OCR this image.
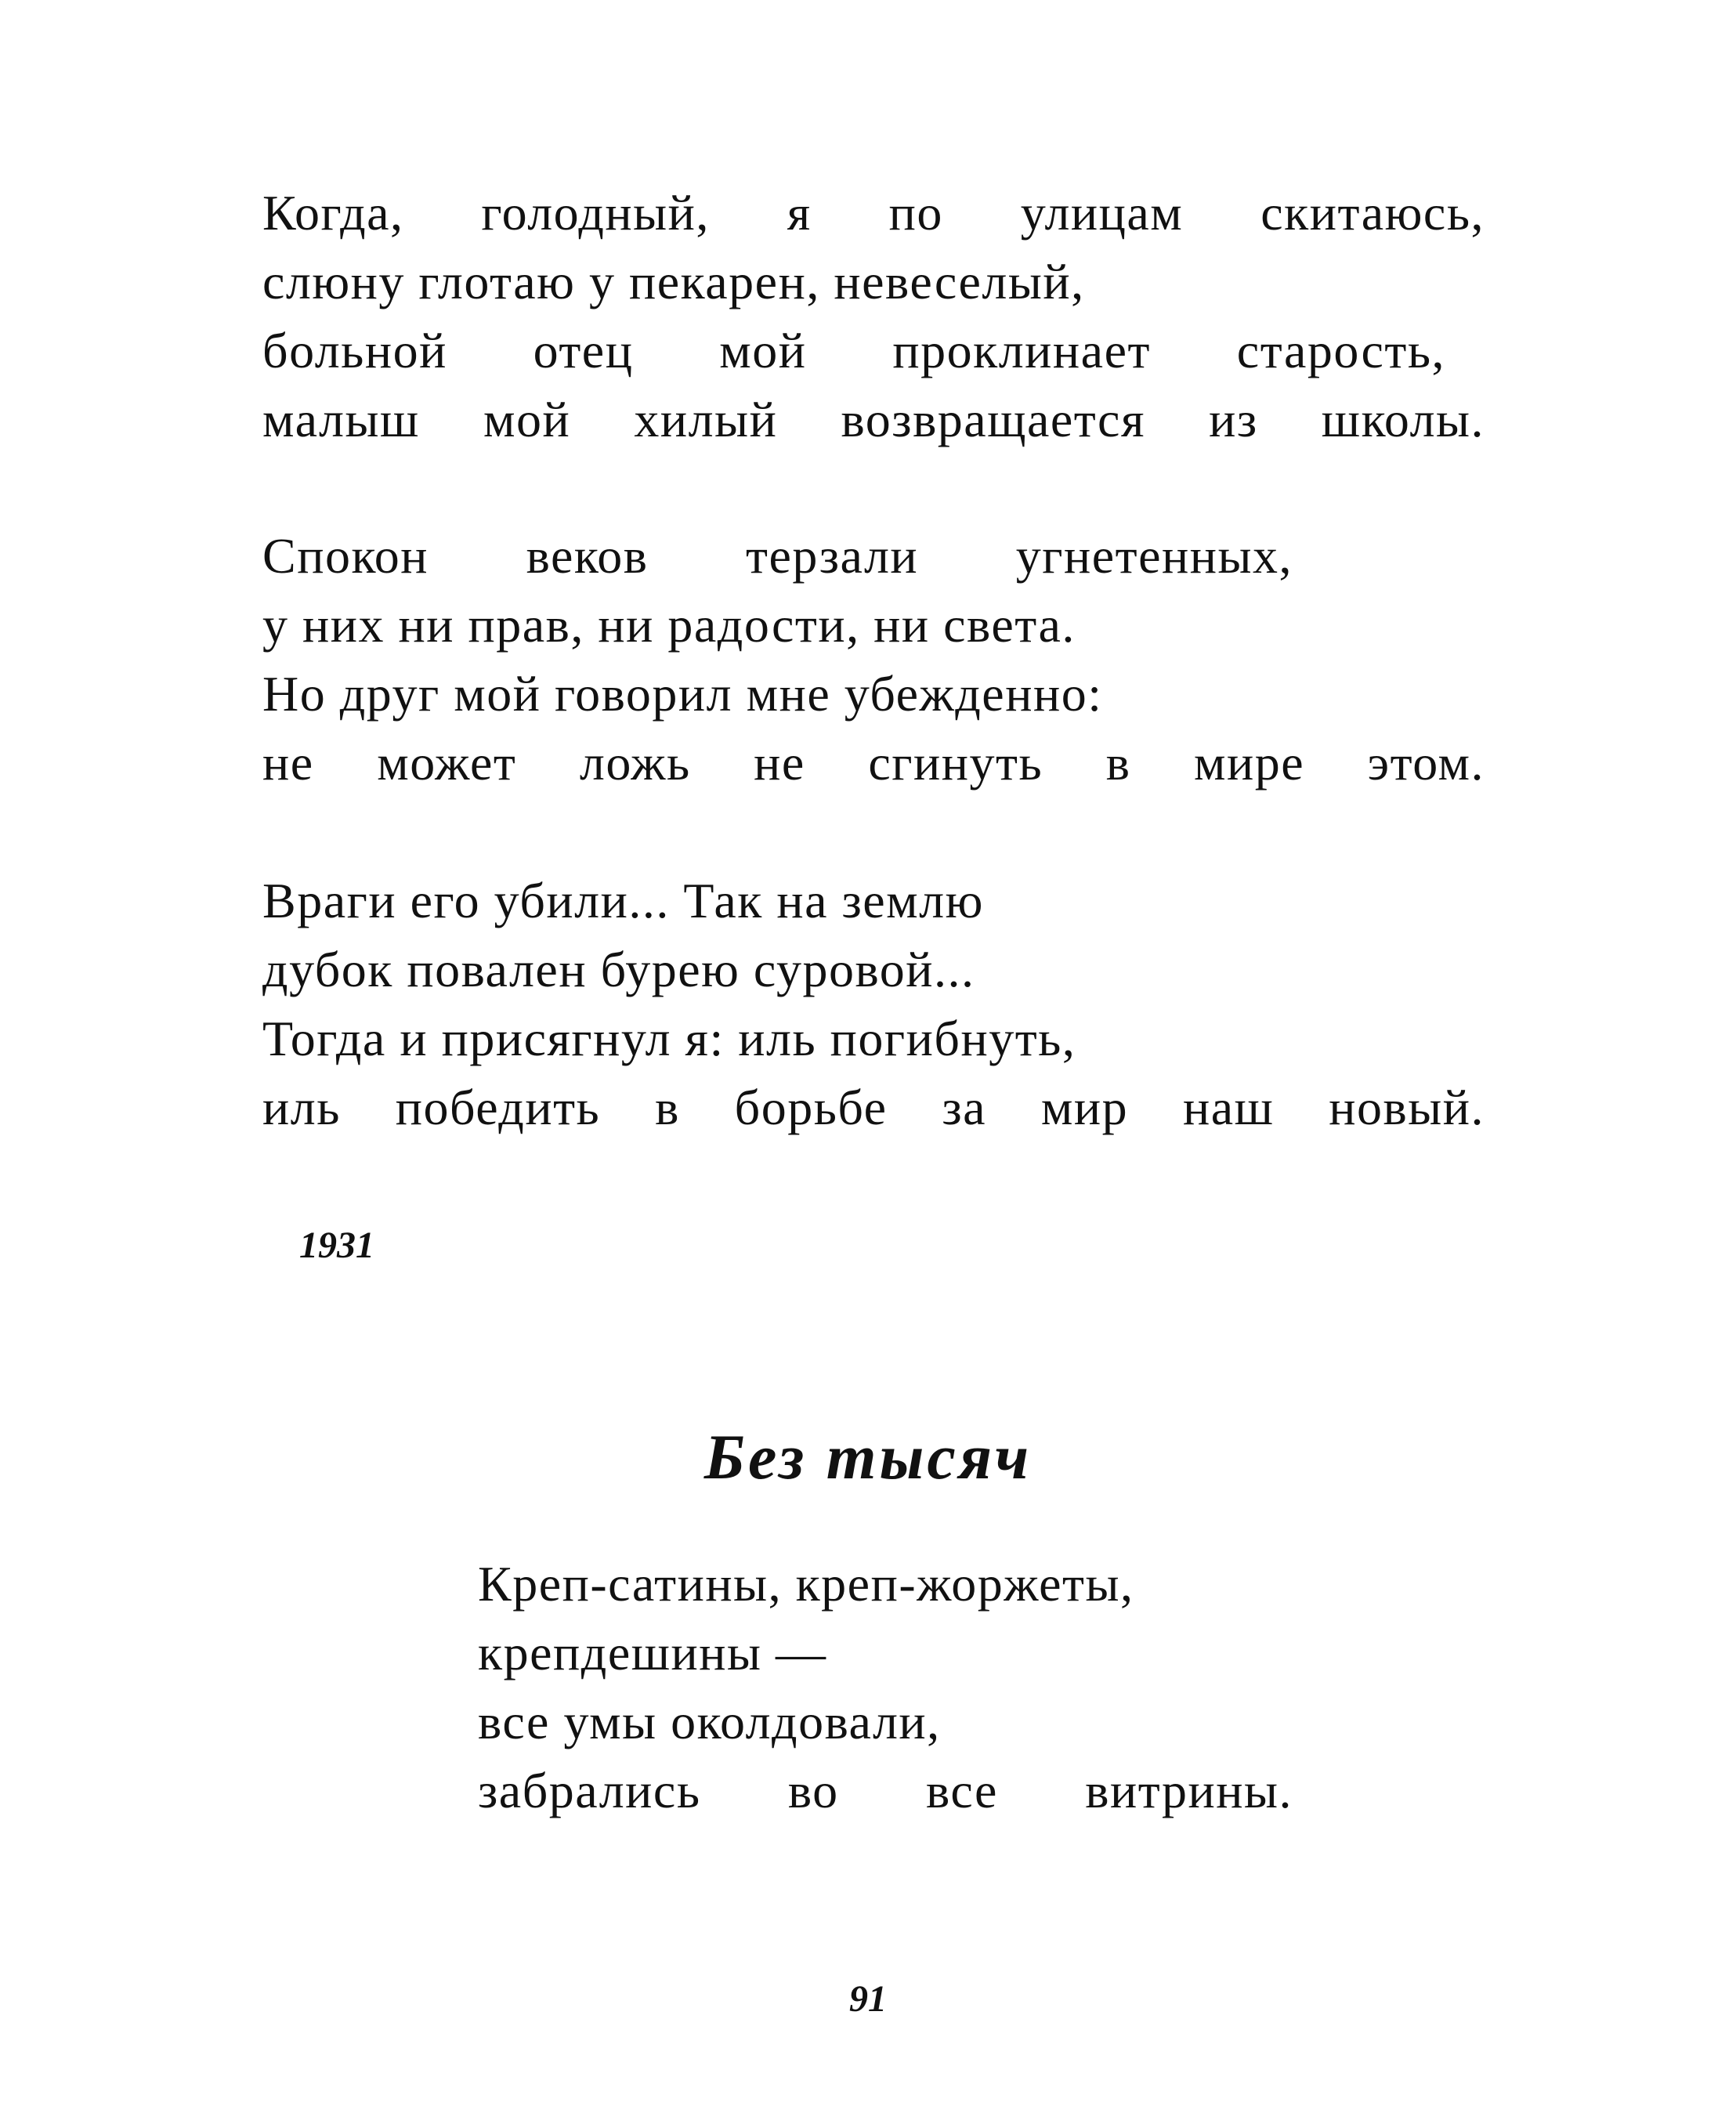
Когда, голодный, я по улицам скитаюсь,
слюну глотаю у пекарен, невеселый,
больной отец мой проклинает старость,
малыш мой хилый возвращается из школы.
Спокон веков терзали угнетенных,
у них ни прав, ни радости, ни света.
Но друг мой говорил мне убежденно:
не может ложь не сгинуть в мире этом.
Враги его убили... Так на землю
дубок повален бурею суровой...
Тогда и присягнул я: иль погибнуть,
иль победить в борьбе за мир наш новый.
1931
Без тысяч
Креп-сатины, креп-жоржеты,
крепдешины —
все умы околдовали,
забрались во все витрины.
91
